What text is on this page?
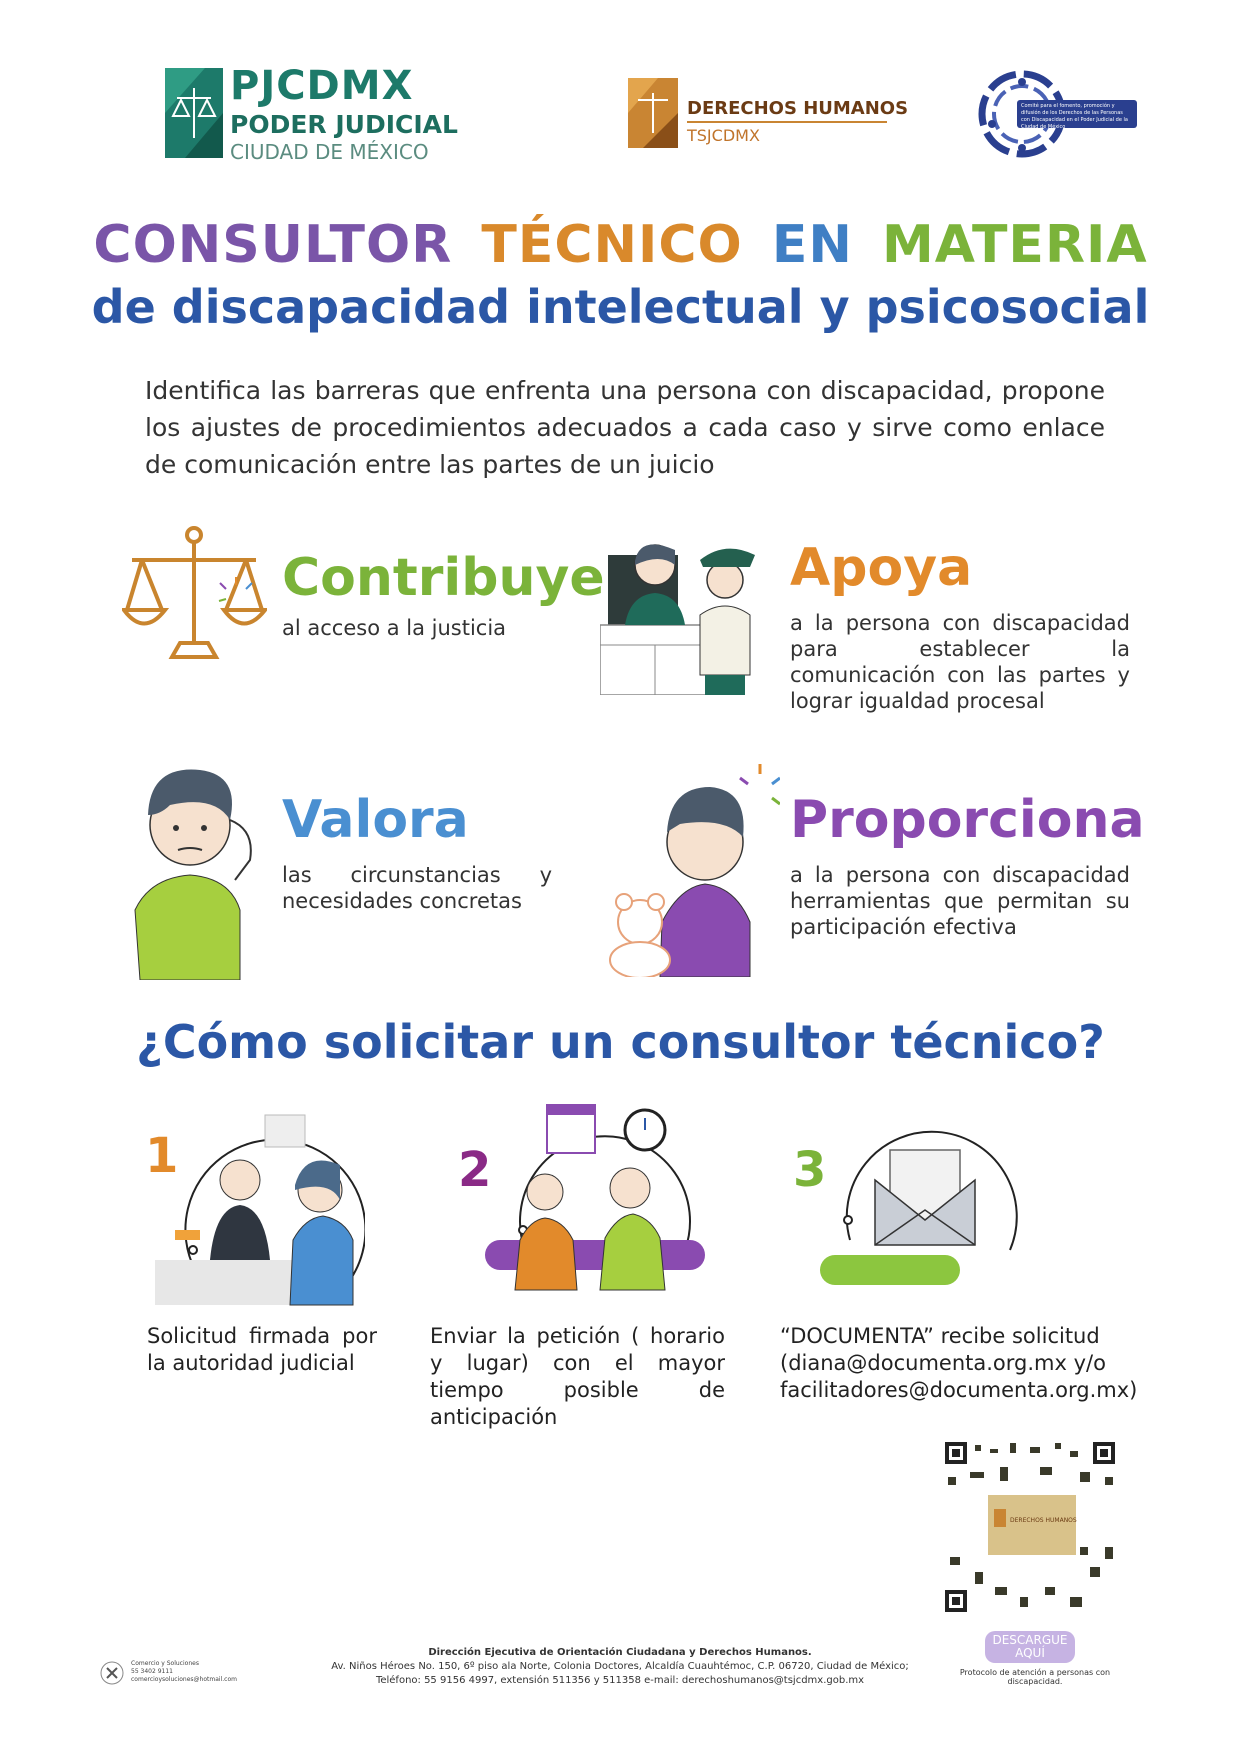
PJCDMX
PODER JUDICIAL
CIUDAD DE MÉXICO
DERECHOS HUMANOS
TSJCDMX
Comité para el fomento, promoción y difusión de los Derechos de las Personas con Discapacidad en el Poder Judicial de la Ciudad de México
CONSULTOR TÉCNICO EN MATERIA
de discapacidad intelectual y psicosocial
Identifica las barreras que enfrenta una persona con discapacidad, propone los ajustes de procedimientos adecuados a cada caso y sirve como enlace de comunicación entre las partes de un juicio
Contribuye
al acceso a la justicia
Apoya
a la persona con discapacidad para establecer la comunicación con las partes y lograr igualdad procesal
Valora
las circunstancias y necesidades concretas
Proporciona
a la persona con discapacidad herramientas que permitan su participación efectiva
¿Cómo solicitar un consultor técnico?
1
Solicitud firmada por la autoridad judicial
2
Enviar la petición ( horario y lugar) con el mayor tiempo posible de anticipación
3
“DOCUMENTA” recibe solicitud (diana@documenta.org.mx y/o facilitadores@documenta.org.mx)
DERECHOS HUMANOS
DESCARGUE AQUÍ
Protocolo de atención a personas con discapacidad.
Dirección Ejecutiva de Orientación Ciudadana y Derechos Humanos.
Av. Niños Héroes No. 150, 6º piso ala Norte, Colonia Doctores, Alcaldía Cuauhtémoc, C.P. 06720, Ciudad de México;
Teléfono: 55 9156 4997, extensión 511356 y 511358 e-mail: derechoshumanos@tsjcdmx.gob.mx
Comercio y Soluciones
55 3402 9111
comercioysoluciones@hotmail.com
